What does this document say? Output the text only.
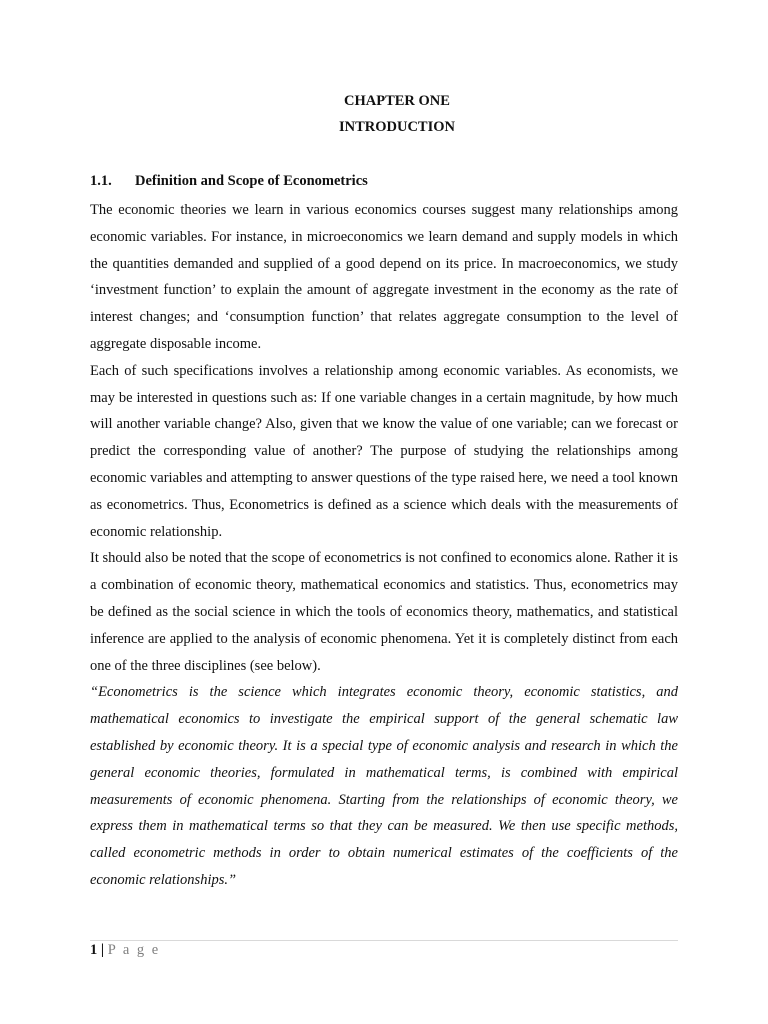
CHAPTER ONE
INTRODUCTION
1.1. Definition and Scope of Econometrics

The economic theories we learn in various economics courses suggest many relationships among economic variables. For instance, in microeconomics we learn demand and supply models in which the quantities demanded and supplied of a good depend on its price. In macroeconomics, we study ‘investment function’ to explain the amount of aggregate investment in the economy as the rate of interest changes; and ‘consumption function’ that relates aggregate consumption to the level of aggregate disposable income.

Each of such specifications involves a relationship among economic variables. As economists, we may be interested in questions such as: If one variable changes in a certain magnitude, by how much will another variable change? Also, given that we know the value of one variable; can we forecast or predict the corresponding value of another? The purpose of studying the relationships among economic variables and attempting to answer questions of the type raised here, we need a tool known as econometrics. Thus, Econometrics is defined as a science which deals with the measurements of economic relationship.

It should also be noted that the scope of econometrics is not confined to economics alone. Rather it is a combination of economic theory, mathematical economics and statistics. Thus, econometrics may be defined as the social science in which the tools of economics theory, mathematics, and statistical inference are applied to the analysis of economic phenomena. Yet it is completely distinct from each one of the three disciplines (see below).

“Econometrics is the science which integrates economic theory, economic statistics, and mathematical economics to investigate the empirical support of the general schematic law established by economic theory. It is a special type of economic analysis and research in which the general economic theories, formulated in mathematical terms, is combined with empirical measurements of economic phenomena. Starting from the relationships of economic theory, we express them in mathematical terms so that they can be measured. We then use specific methods, called econometric methods in order to obtain numerical estimates of the coefficients of the economic relationships.”

1 | P a g e
